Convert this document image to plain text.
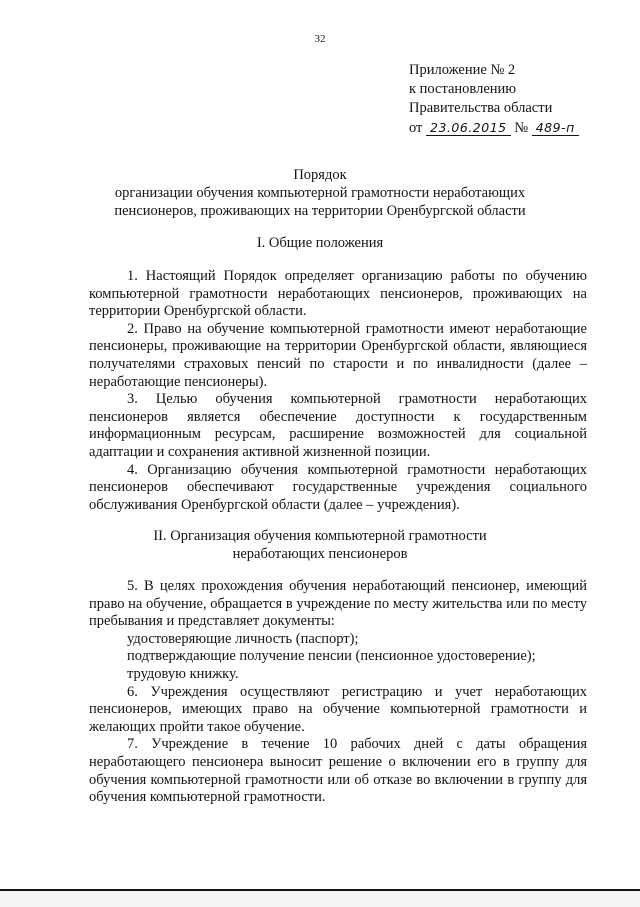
32
Приложение № 2
к постановлению
Правительства области
от 23.06.2015 № 489-п
Порядок
организации обучения компьютерной грамотности неработающих
пенсионеров, проживающих на территории Оренбургской области
I. Общие положения

1. Настоящий Порядок определяет организацию работы по обучению компьютерной грамотности неработающих пенсионеров, проживающих на территории Оренбургской области.

2. Право на обучение компьютерной грамотности имеют неработающие пенсионеры, проживающие на территории Оренбургской области, являющиеся получателями страховых пенсий по старости и по инвалидности (далее – неработающие пенсионеры).

3. Целью обучения компьютерной грамотности неработающих пенсионеров является обеспечение доступности к государственным информационным ресурсам, расширение возможностей для социальной адаптации и сохранения активной жизненной позиции.

4. Организацию обучения компьютерной грамотности неработающих пенсионеров обеспечивают государственные учреждения социального обслуживания Оренбургской области (далее – учреждения).

II. Организация обучения компьютерной грамотности
неработающих пенсионеров

5. В целях прохождения обучения неработающий пенсионер, имеющий право на обучение, обращается в учреждение по месту жительства или по месту пребывания и представляет документы:

удостоверяющие личность (паспорт);

подтверждающие получение пенсии (пенсионное удостоверение);

трудовую книжку.

6. Учреждения осуществляют регистрацию и учет неработающих пенсионеров, имеющих право на обучение компьютерной грамотности и желающих пройти такое обучение.

7. Учреждение в течение 10 рабочих дней с даты обращения неработающего пенсионера выносит решение о включении его в группу для обучения компьютерной грамотности или об отказе во включении в группу для обучения компьютерной грамотности.
